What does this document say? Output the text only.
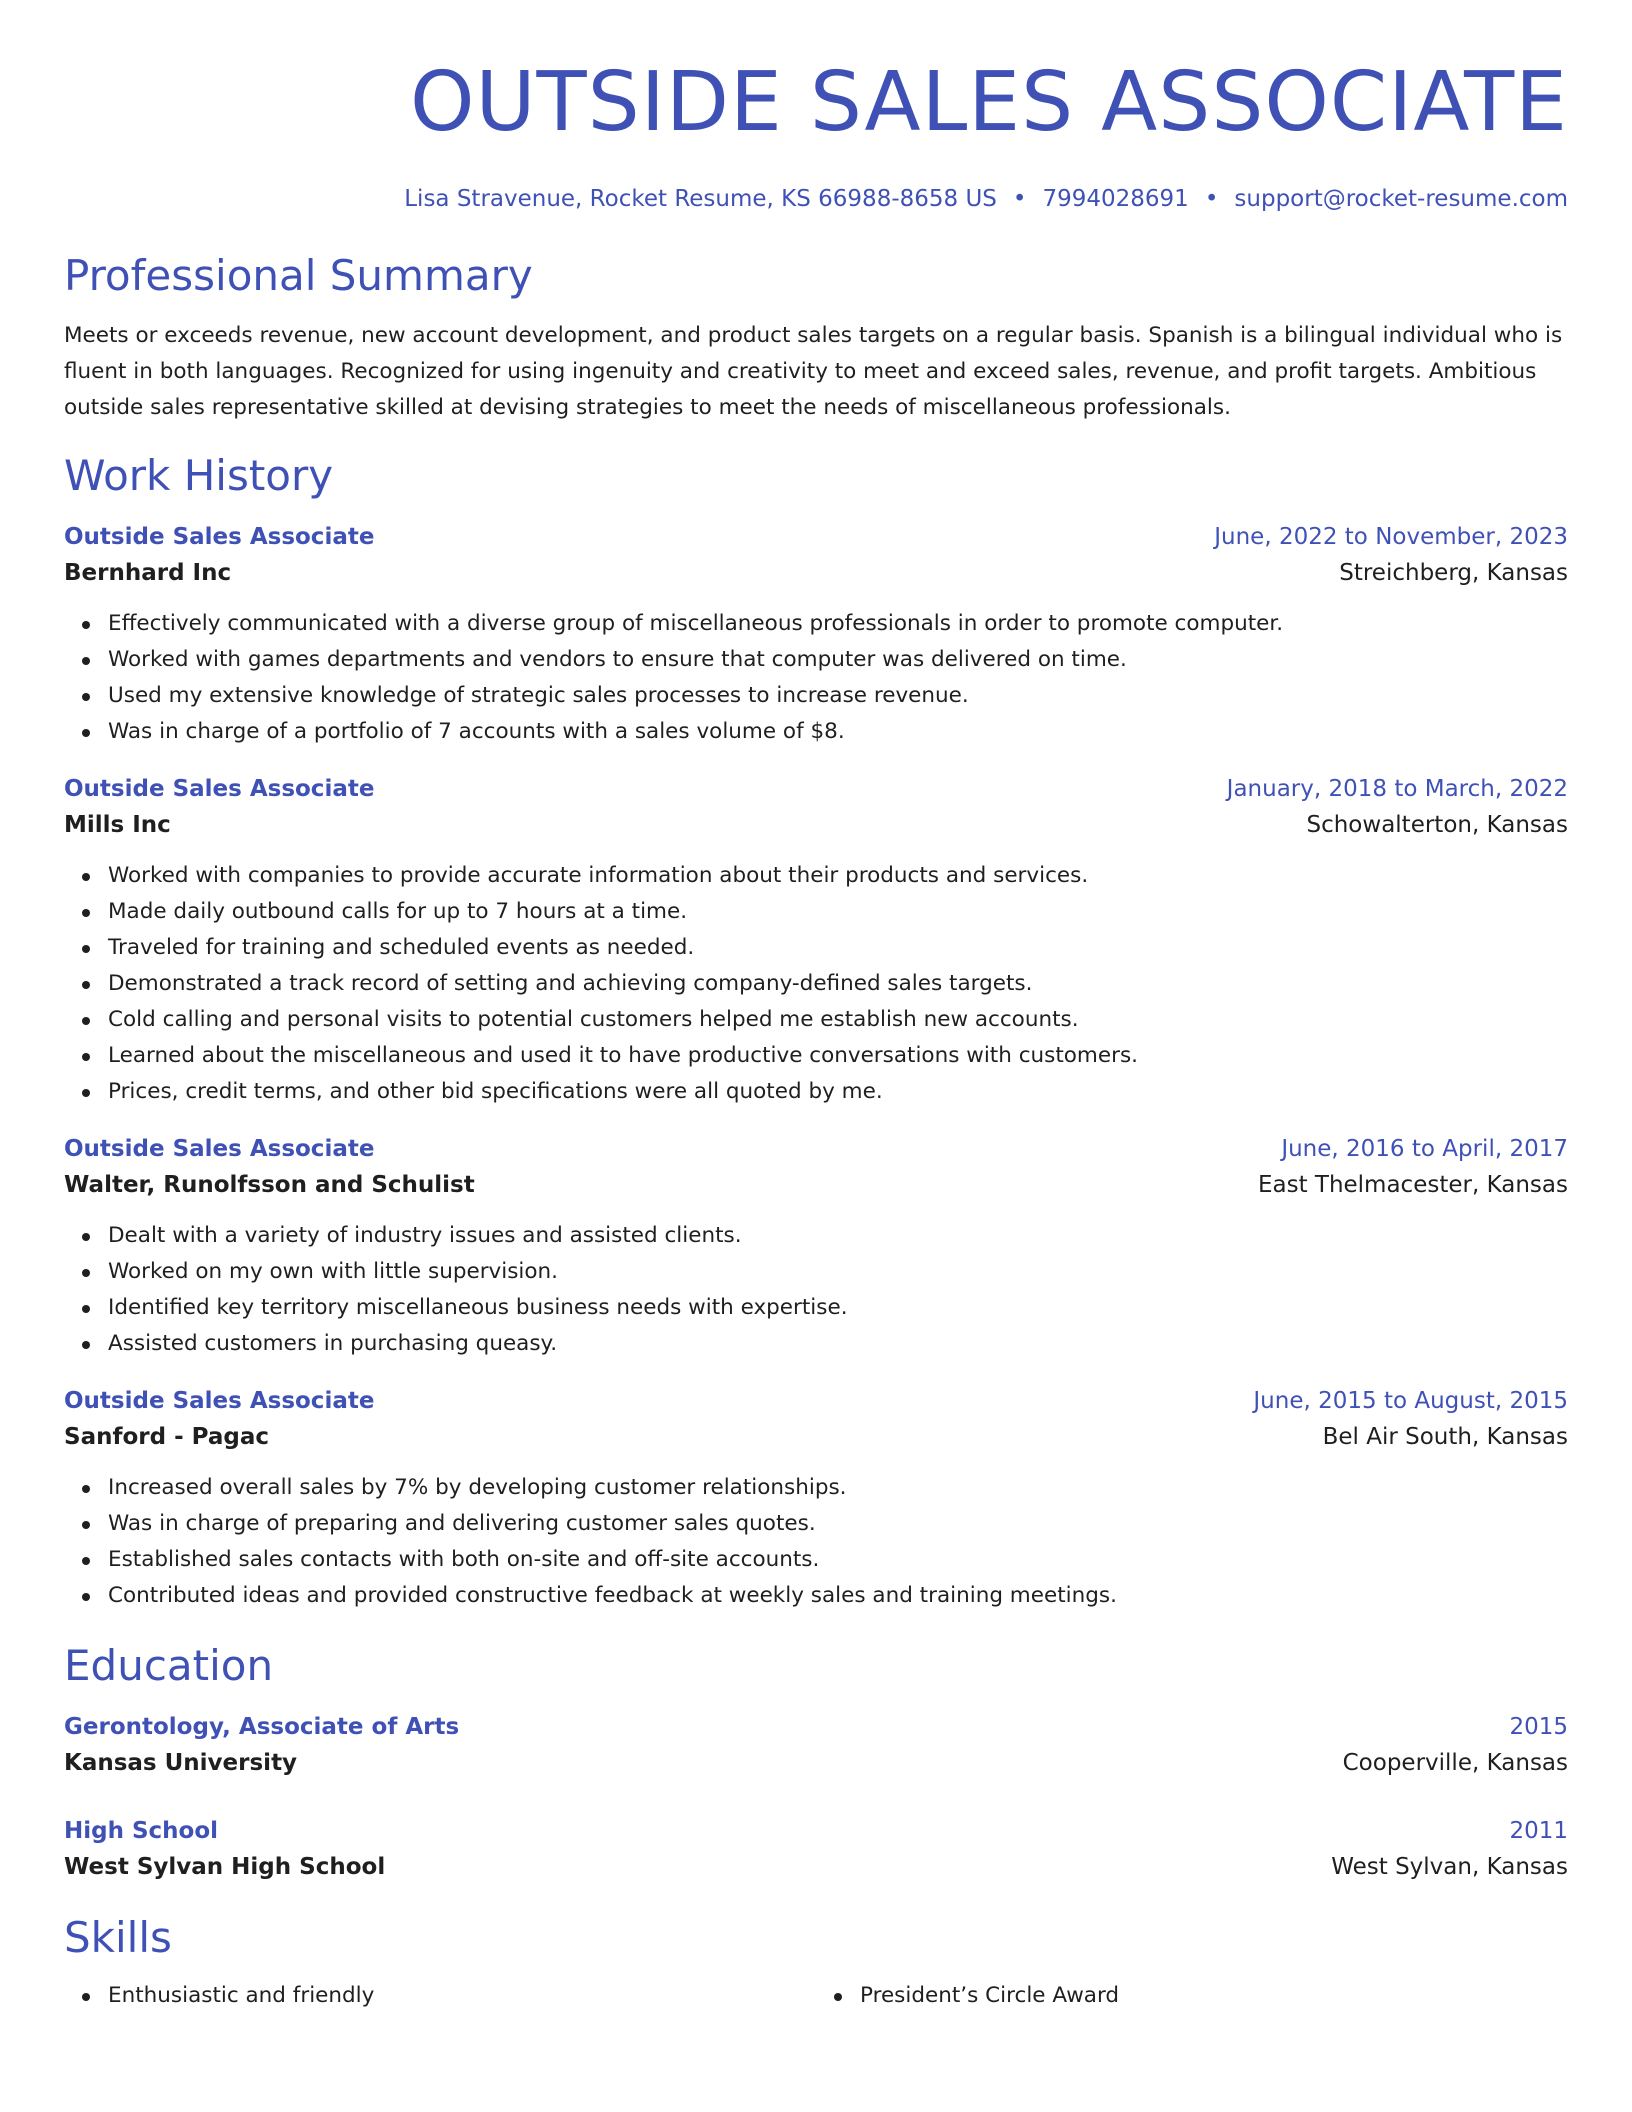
OUTSIDE SALES ASSOCIATE
Lisa Stravenue, Rocket Resume, KS 66988-8658 US • 7994028691 • support@rocket-resume.com
Professional Summary
Meets or exceeds revenue, new account development, and product sales targets on a regular basis. Spanish is a bilingual individual who is fluent in both languages. Recognized for using ingenuity and creativity to meet and exceed sales, revenue, and profit targets. Ambitious outside sales representative skilled at devising strategies to meet the needs of miscellaneous professionals.
Work History
Outside Sales Associate	June, 2022 to November, 2023
Bernhard Inc	Streichberg, Kansas
Effectively communicated with a diverse group of miscellaneous professionals in order to promote computer.
Worked with games departments and vendors to ensure that computer was delivered on time.
Used my extensive knowledge of strategic sales processes to increase revenue.
Was in charge of a portfolio of 7 accounts with a sales volume of $8.
Outside Sales Associate	January, 2018 to March, 2022
Mills Inc	Schowalterton, Kansas
Worked with companies to provide accurate information about their products and services.
Made daily outbound calls for up to 7 hours at a time.
Traveled for training and scheduled events as needed.
Demonstrated a track record of setting and achieving company-defined sales targets.
Cold calling and personal visits to potential customers helped me establish new accounts.
Learned about the miscellaneous and used it to have productive conversations with customers.
Prices, credit terms, and other bid specifications were all quoted by me.
Outside Sales Associate	June, 2016 to April, 2017
Walter, Runolfsson and Schulist	East Thelmacester, Kansas
Dealt with a variety of industry issues and assisted clients.
Worked on my own with little supervision.
Identified key territory miscellaneous business needs with expertise.
Assisted customers in purchasing queasy.
Outside Sales Associate	June, 2015 to August, 2015
Sanford - Pagac	Bel Air South, Kansas
Increased overall sales by 7% by developing customer relationships.
Was in charge of preparing and delivering customer sales quotes.
Established sales contacts with both on-site and off-site accounts.
Contributed ideas and provided constructive feedback at weekly sales and training meetings.
Education
Gerontology, Associate of Arts	2015
Kansas University	Cooperville, Kansas
High School	2011
West Sylvan High School	West Sylvan, Kansas
Skills
Enthusiastic and friendly	President’s Circle Award
